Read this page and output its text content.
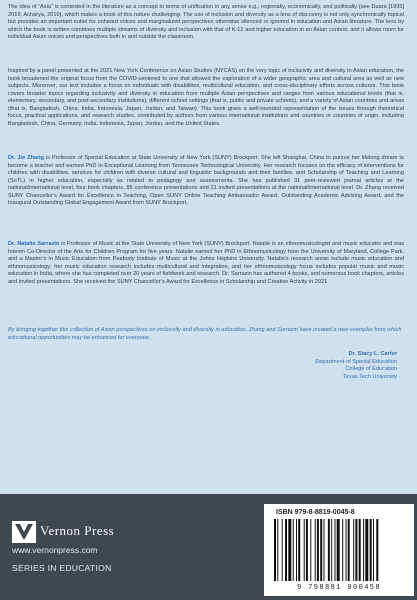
The idea of “Asia” is contested in the literature as a concept in terms of unification in any sense e.g., regionally, economically, and politically (see Duara [1995] 2019; Acharya, 2010), which makes a book of this nature challenging. The use of inclusion and diversity as a lens of discovery is not only synchronically topical but provides an important outlet for unheard voices and marginalized perspectives otherwise silenced or ignored in education and Asian literature. The lens by which the book is written combines multiple streams of diversity and inclusion with that of K-12 and higher education in an Asian context, and it allows room for individual Asian voices and perspectives both in and outside the classroom.

Inspired by a panel presented at the 2021 New York Conference on Asian Studies (NYCAS) on the very topic of inclusivity and diversity in Asian education, the book broadened the original focus from the COVID-centered to one that allowed the exploration of a wider geographic area and cultural area as well as new subjects. Moreover, our text includes a focus on individuals with disabilities, multicultural education, and cross-disciplinary efforts across cultures. This book covers broader topics regarding inclusivity and diversity in education from multiple Asian perspectives and ranges from various educational levels (that is, elementary, secondary, and post-secondary institutions), different school settings (that is, public and private schools), and a variety of Asian countries and areas (that is, Bangladesh, China, India, Indonesia, Japan, Jordan, and Taiwan). This book gives a well-rounded representation of the issues through theoretical focus, practical applications, and research studies, contributed by authors from various international institutions and countries or countries of origin, including Bangladesh, China, Germany, India, Indonesia, Japan, Jordan, and the United States.

Dr. Jie Zhang is Professor of Special Education at State University of New York (SUNY) Brockport. She left Shanghai, China to pursue her lifelong dream to become a teacher and earned PhD in Exceptional Learning from Tennessee Technological University. Her research focuses on the efficacy of interventions for children with disabilities, services for children with diverse cultural and linguistic backgrounds and their families, and Scholarship of Teaching and Learning (SoTL) in higher education, especially as related to pedagogy and assessments. She has published 31 peer-reviewed journal articles at the national/international level, four book chapters, 85 conference presentations and 21 invited presentations at the national/international level. Dr. Zhang received SUNY Chancellor’s Award for Excellence in Teaching, Open SUNY Online Teaching Ambassador Award, Outstanding Academic Advising Award, and the Inaugural Outstanding Global Engagement Award from SUNY Brockport.

Dr. Natalie Sarrazin is Professor of Music at the State University of New York (SUNY) Brockport. Natalie is an ethnomusicologist and music educator and was Interim Co-Director of the Arts for Children Program for five years. Natalie earned her PhD in Ethnomusicology from the University of Maryland, College Park, and a Master’s in Music Education from Peabody Institute of Music at the Johns Hopkins University. Natalie’s research areas include music education and ethnomusicology; her music education research includes multicultural and integration, and her ethnomusicology focus includes popular music and music education in India, where she has completed over 20 years of fieldwork and research. Dr. Sarrazin has authored 4 books, and numerous book chapters, articles and invited presentations. She received the SUNY Chancellor’s Award for Excellence in Scholarship and Creative Activity in 2021.

By bringing together this collection of Asian perspectives on inclusivity and diversity in education, Zhang and Sarrazin have created a new exemplar from which educational opportunities may be enhanced for everyone.

Dr. Stacy L. Carter
Department of Special Education
College of Education
Texas Tech University
Vernon Press
www.vernonpress.com
SERIES IN EDUCATION
ISBN 979-8-8819-0045-8
9 798881 900458
